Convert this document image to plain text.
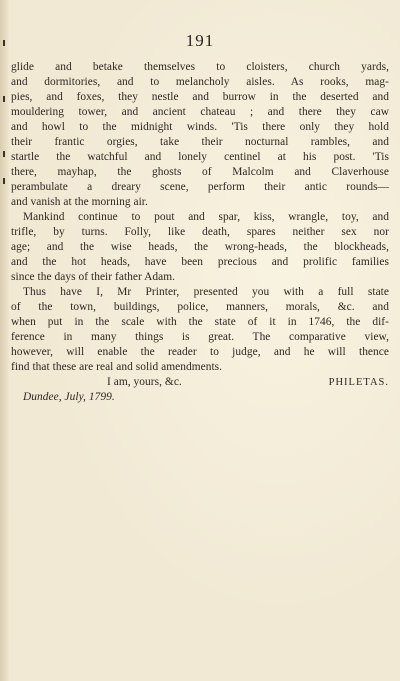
191
glide and betake themselves to cloisters, church yards,
and dormitories, and to melancholy aisles. As rooks, mag-
pies, and foxes, they nestle and burrow in the deserted and
mouldering tower, and ancient chateau ; and there they caw
and howl to the midnight winds. 'Tis there only they hold
their frantic orgies, take their nocturnal rambles, and
startle the watchful and lonely centinel at his post. 'Tis
there, mayhap, the ghosts of Malcolm and Claverhouse
perambulate a dreary scene, perform their antic rounds—
and vanish at the morning air.
Mankind continue to pout and spar, kiss, wrangle, toy, and
trifle, by turns. Folly, like death, spares neither sex nor
age; and the wise heads, the wrong-heads, the blockheads,
and the hot heads, have been precious and prolific families
since the days of their father Adam.
Thus have I, Mr Printer, presented you with a full state
of the town, buildings, police, manners, morals, &c. and
when put in the scale with the state of it in 1746, the dif-
ference in many things is great. The comparative view,
however, will enable the reader to judge, and he will thence
find that these are real and solid amendments.
I am, yours, &c.	PHILETAS.
Dundee, July, 1799.
